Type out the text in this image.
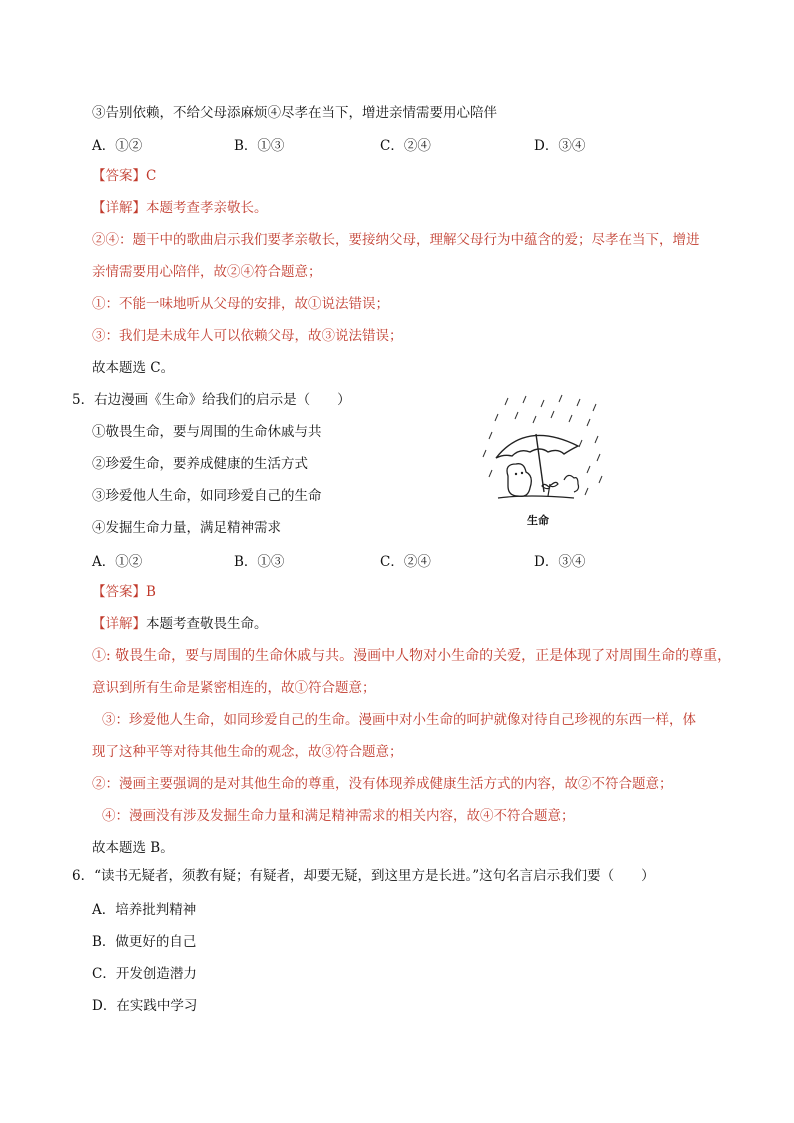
③告别依赖，不给父母添麻烦④尽孝在当下，增进亲情需要用心陪伴
A．①②	B．①③	C．②④	D．③④
【答案】C
【详解】本题考查孝亲敬长。
②④：题干中的歌曲启示我们要孝亲敬长，要接纳父母，理解父母行为中蕴含的爱；尽孝在当下，增进
亲情需要用心陪伴，故②④符合题意；
①：不能一味地听从父母的安排，故①说法错误；
③：我们是未成年人可以依赖父母，故③说法错误；
故本题选 C。
5．右边漫画《生命》给我们的启示是（　　）
①敬畏生命，要与周围的生命休戚与共
②珍爱生命，要养成健康的生活方式
③珍爱他人生命，如同珍爱自己的生命
④发掘生命力量，满足精神需求	生命
A．①②	B．①③	C．②④	D．③④
【答案】B
【详解】本题考查敬畏生命。
①: 敬畏生命，要与周围的生命休戚与共。漫画中人物对小生命的关爱，正是体现了对周围生命的尊重，
意识到所有生命是紧密相连的，故①符合题意；
③：珍爱他人生命，如同珍爱自己的生命。漫画中对小生命的呵护就像对待自己珍视的东西一样，体
现了这种平等对待其他生命的观念，故③符合题意；
②：漫画主要强调的是对其他生命的尊重，没有体现养成健康生活方式的内容，故②不符合题意；
④：漫画没有涉及发掘生命力量和满足精神需求的相关内容，故④不符合题意；
故本题选 B。
6．“读书无疑者，须教有疑；有疑者，却要无疑，到这里方是长进。”这句名言启示我们要（　　）
A．培养批判精神
B．做更好的自己
C．开发创造潜力
D．在实践中学习
